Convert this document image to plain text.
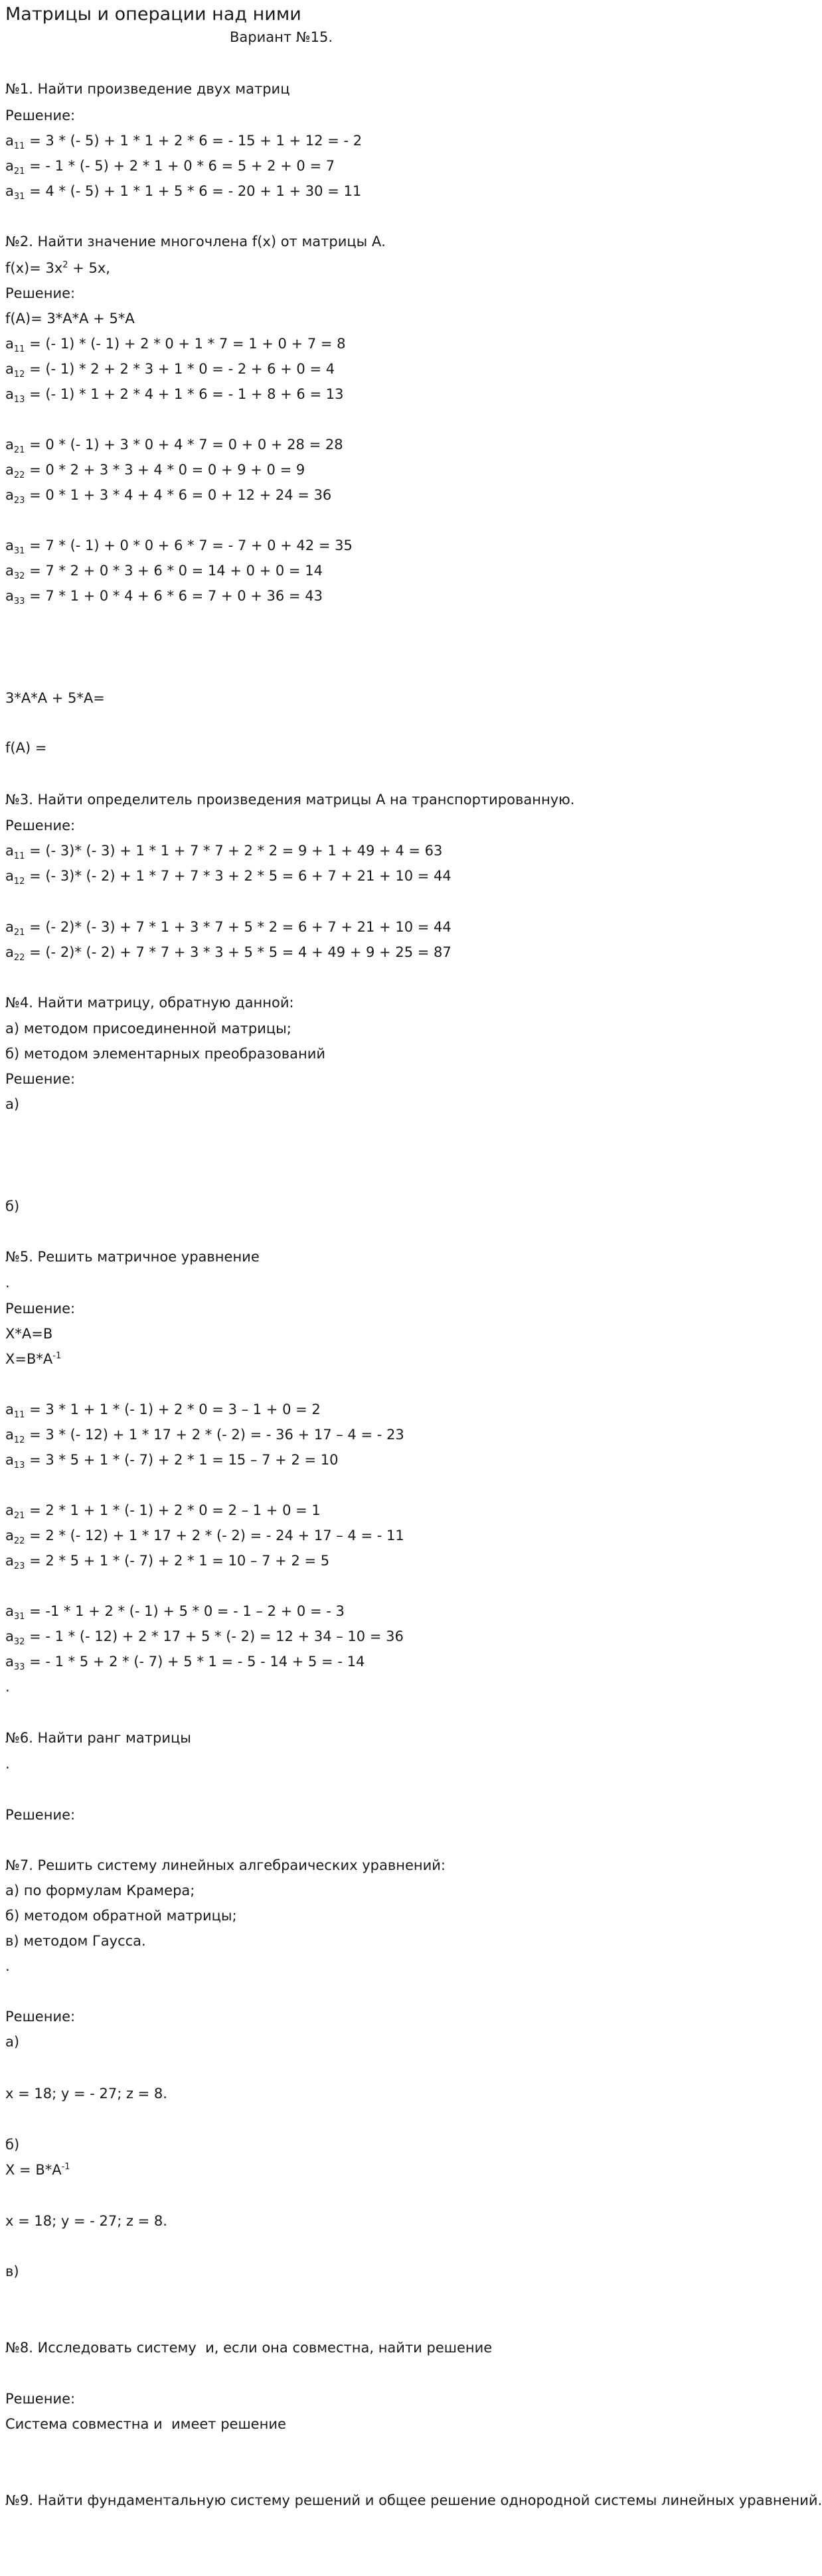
Матрицы и операции над ними
Вариант №15.
№1. Найти произведение двух матриц
Решение:
$a_{11} = 3$ * (- 5) + 1 * 1 + 2 * 6 = - 15 + 1 + 12 = - 2
$a_{21}$ = - 1 * (- 5) + 2 * 1 + 0 * 6 = 5 + 2 + 0 = 7
$a_{31} = 4$ * (- 5) + 1 * 1 + 5 * 6 = - 20 + 1 + 30 = 11
№2. Найти значение многочлена f(x) от матрицы А.
$f(x)= 3x^2 + 5x$,
Решение:
f(A)= 3*A*A + 5*A
$a_{11}$ = (- 1) * (- 1) + 2 * 0 + 1 * 7 = 1 + 0 + 7 = 8
$a_{12}$ = (- 1) * 2 + 2 * 3 + 1 * 0 = - 2 + 6 + 0 = 4
$a_{13}$ = (- 1) * 1 + 2 * 4 + 1 * 6 = - 1 + 8 + 6 = 13
$a_{21} = 0$ * (- 1) + 3 * 0 + 4 * 7 = 0 + 0 + 28 = 28
$a_{22} = 0 * 2 + 3 * 3 + 4 * 0 = 0 + 9 + 0 = 9$
$a_{23} = 0 * 1 + 3 * 4 + 4 * 6 = 0 + 12 + 24 = 36$
$a_{31} = 7$ * (- 1) + 0 * 0 + 6 * 7 = - 7 + 0 + 42 = 35
$a_{32} = 7 * 2 + 0 * 3 + 6 * 0 = 14 + 0 + 0 = 14$
$a_{33} = 7 * 1 + 0 * 4 + 6 * 6 = 7 + 0 + 36 = 43$
3*A*A + 5*A=
f(A) =
№3. Найти определитель произведения матрицы А на транспортированную.
Решение:
$a_{11}$ = (- 3)* (- 3) + 1 * 1 + 7 * 7 + 2 * 2 = 9 + 1 + 49 + 4 = 63
$a_{12}$ = (- 3)* (- 2) + 1 * 7 + 7 * 3 + 2 * 5 = 6 + 7 + 21 + 10 = 44
$a_{21}$ = (- 2)* (- 3) + 7 * 1 + 3 * 7 + 5 * 2 = 6 + 7 + 21 + 10 = 44
$a_{22}$ = (- 2)* (- 2) + 7 * 7 + 3 * 3 + 5 * 5 = 4 + 49 + 9 + 25 = 87
№4. Найти матрицу, обратную данной:
а) методом присоединенной матрицы;
б) методом элементарных преобразований
Решение:
а)
б)
№5. Решить матричное уравнение
.
Решение:
X*A=B
$X=B*A^{-1}$
$a_{11} = 3 * 1 + 1$ * (- 1) + 2 * 0 = 3 – 1 + 0 = 2
$a_{12} = 3$ * (- 12) + 1 * 17 + 2 * (- 2) = - 36 + 17 – 4 = - 23
$a_{13} = 3 * 5 + 1$ * (- 7) + 2 * 1 = 15 – 7 + 2 = 10
$a_{21} = 2 * 1 + 1$ * (- 1) + 2 * 0 = 2 – 1 + 0 = 1
$a_{22} = 2$ * (- 12) + 1 * 17 + 2 * (- 2) = - 24 + 17 – 4 = - 11
$a_{23} = 2 * 5 + 1$ * (- 7) + 2 * 1 = 10 – 7 + 2 = 5
$a_{31} = -1 * 1 + 2$ * (- 1) + 5 * 0 = - 1 – 2 + 0 = - 3
$a_{32}$ = - 1 * (- 12) + 2 * 17 + 5 * (- 2) = 12 + 34 – 10 = 36
$a_{33}$ = - 1 * 5 + 2 * (- 7) + 5 * 1 = - 5 - 14 + 5 = - 14
.
№6. Найти ранг матрицы
.
Решение:
№7. Решить систему линейных алгебраических уравнений:
а) по формулам Крамера;
б) методом обратной матрицы;
в) методом Гаусса.
.
Решение:
а)
x = 18; y = - 27; z = 8.
б)
$X = B*A^{-1}$
x = 18; y = - 27; z = 8.
в)
№8. Исследовать систему  и, если она совместна, найти решение
Решение:
Система совместна и  имеет решение
№9. Найти фундаментальную систему решений и общее решение однородной системы линейных уравнений.
